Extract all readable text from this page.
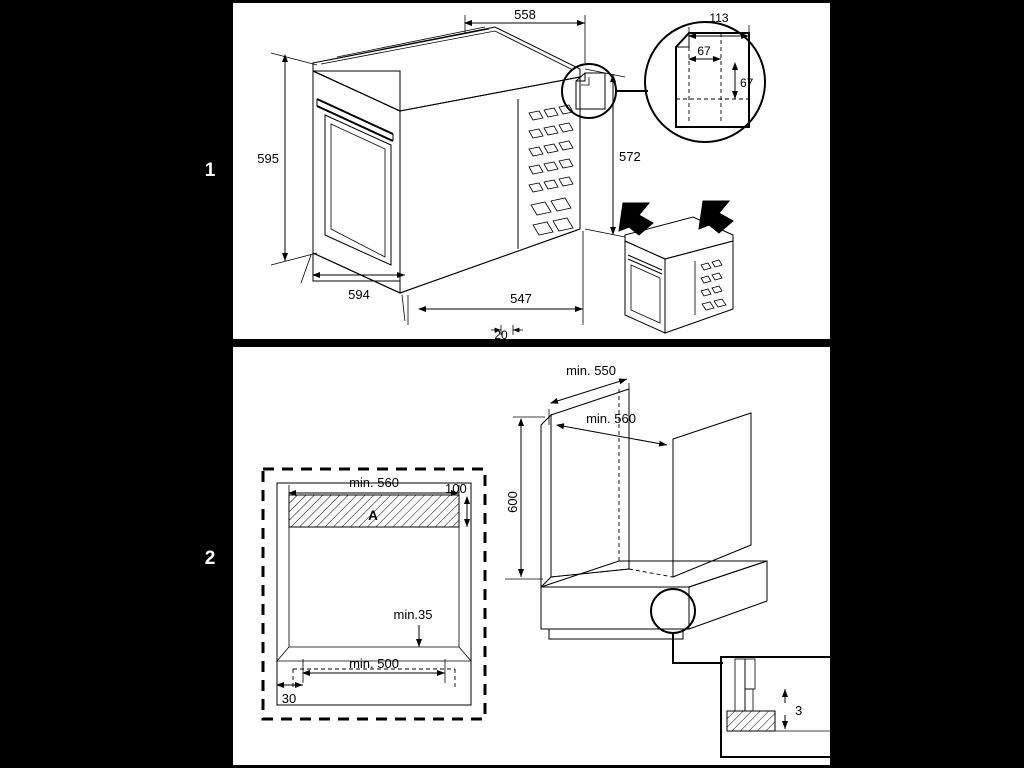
1
2
558
595	572
594	547
20
113
67
67
A
min. 560	100
min.35
min. 500
30
min. 550
min. 560
600
3
